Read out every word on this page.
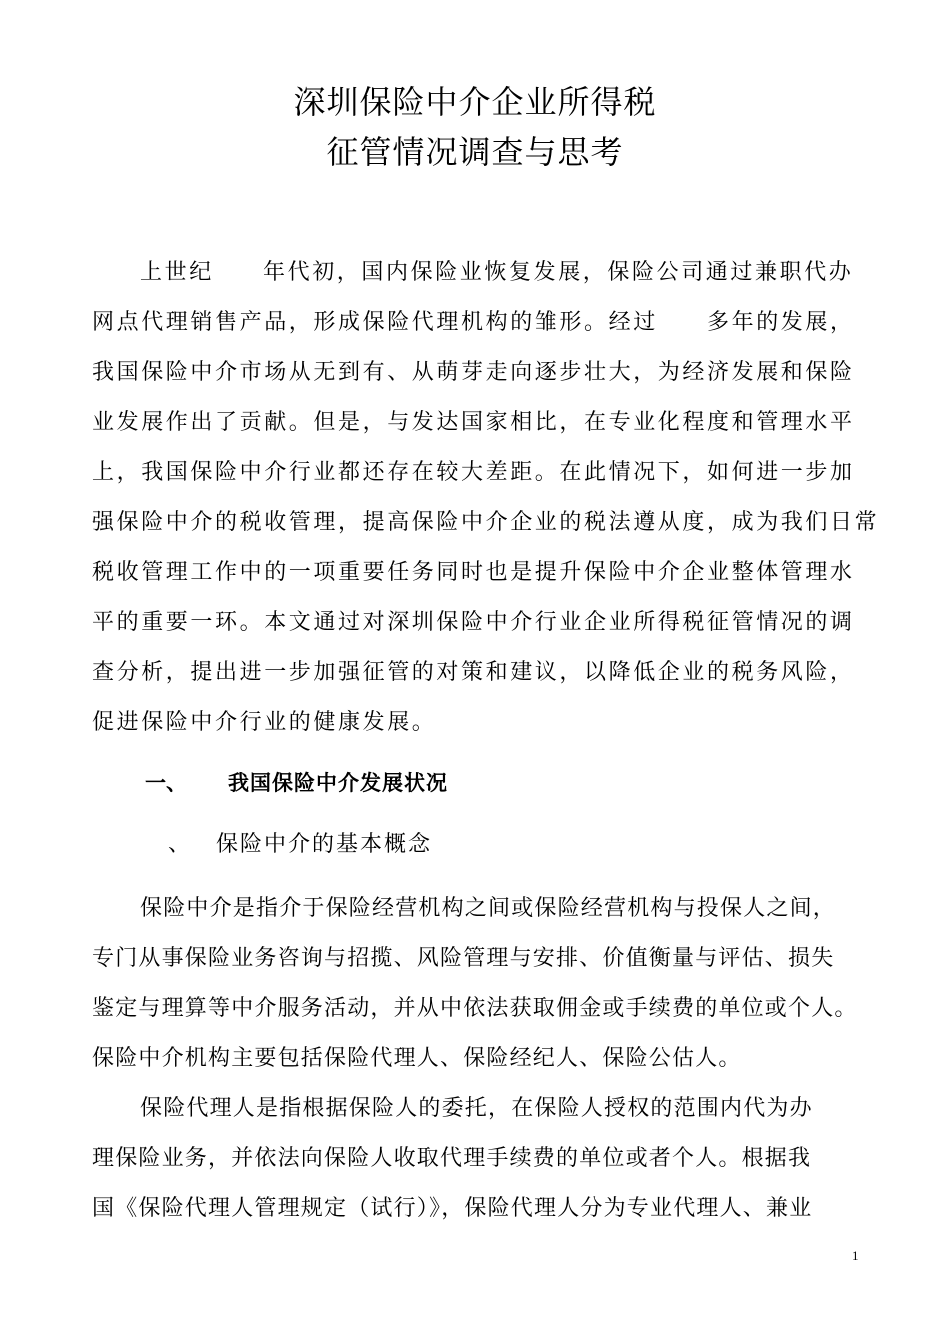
深圳保险中介企业所得税
征管情况调查与思考
上世纪　　年代初，国内保险业恢复发展，保险公司通过兼职代办
网点代理销售产品，形成保险代理机构的雏形。经过　　多年的发展，
我国保险中介市场从无到有、从萌芽走向逐步壮大，为经济发展和保险
业发展作出了贡献。但是，与发达国家相比，在专业化程度和管理水平
上，我国保险中介行业都还存在较大差距。在此情况下，如何进一步加
强保险中介的税收管理，提高保险中介企业的税法遵从度，成为我们日常
税收管理工作中的一项重要任务同时也是提升保险中介企业整体管理水
平的重要一环。本文通过对深圳保险中介行业企业所得税征管情况的调
查分析，提出进一步加强征管的对策和建议，以降低企业的税务风险，
促进保险中介行业的健康发展。
一、 我国保险中介发展状况
、 保险中介的基本概念
保险中介是指介于保险经营机构之间或保险经营机构与投保人之间，
专门从事保险业务咨询与招揽、风险管理与安排、价值衡量与评估、损失
鉴定与理算等中介服务活动，并从中依法获取佣金或手续费的单位或个人。
保险中介机构主要包括保险代理人、保险经纪人、保险公估人。
保险代理人是指根据保险人的委托，在保险人授权的范围内代为办
理保险业务，并依法向保险人收取代理手续费的单位或者个人。根据我
国《保险代理人管理规定（试行）》，保险代理人分为专业代理人、兼业
1
